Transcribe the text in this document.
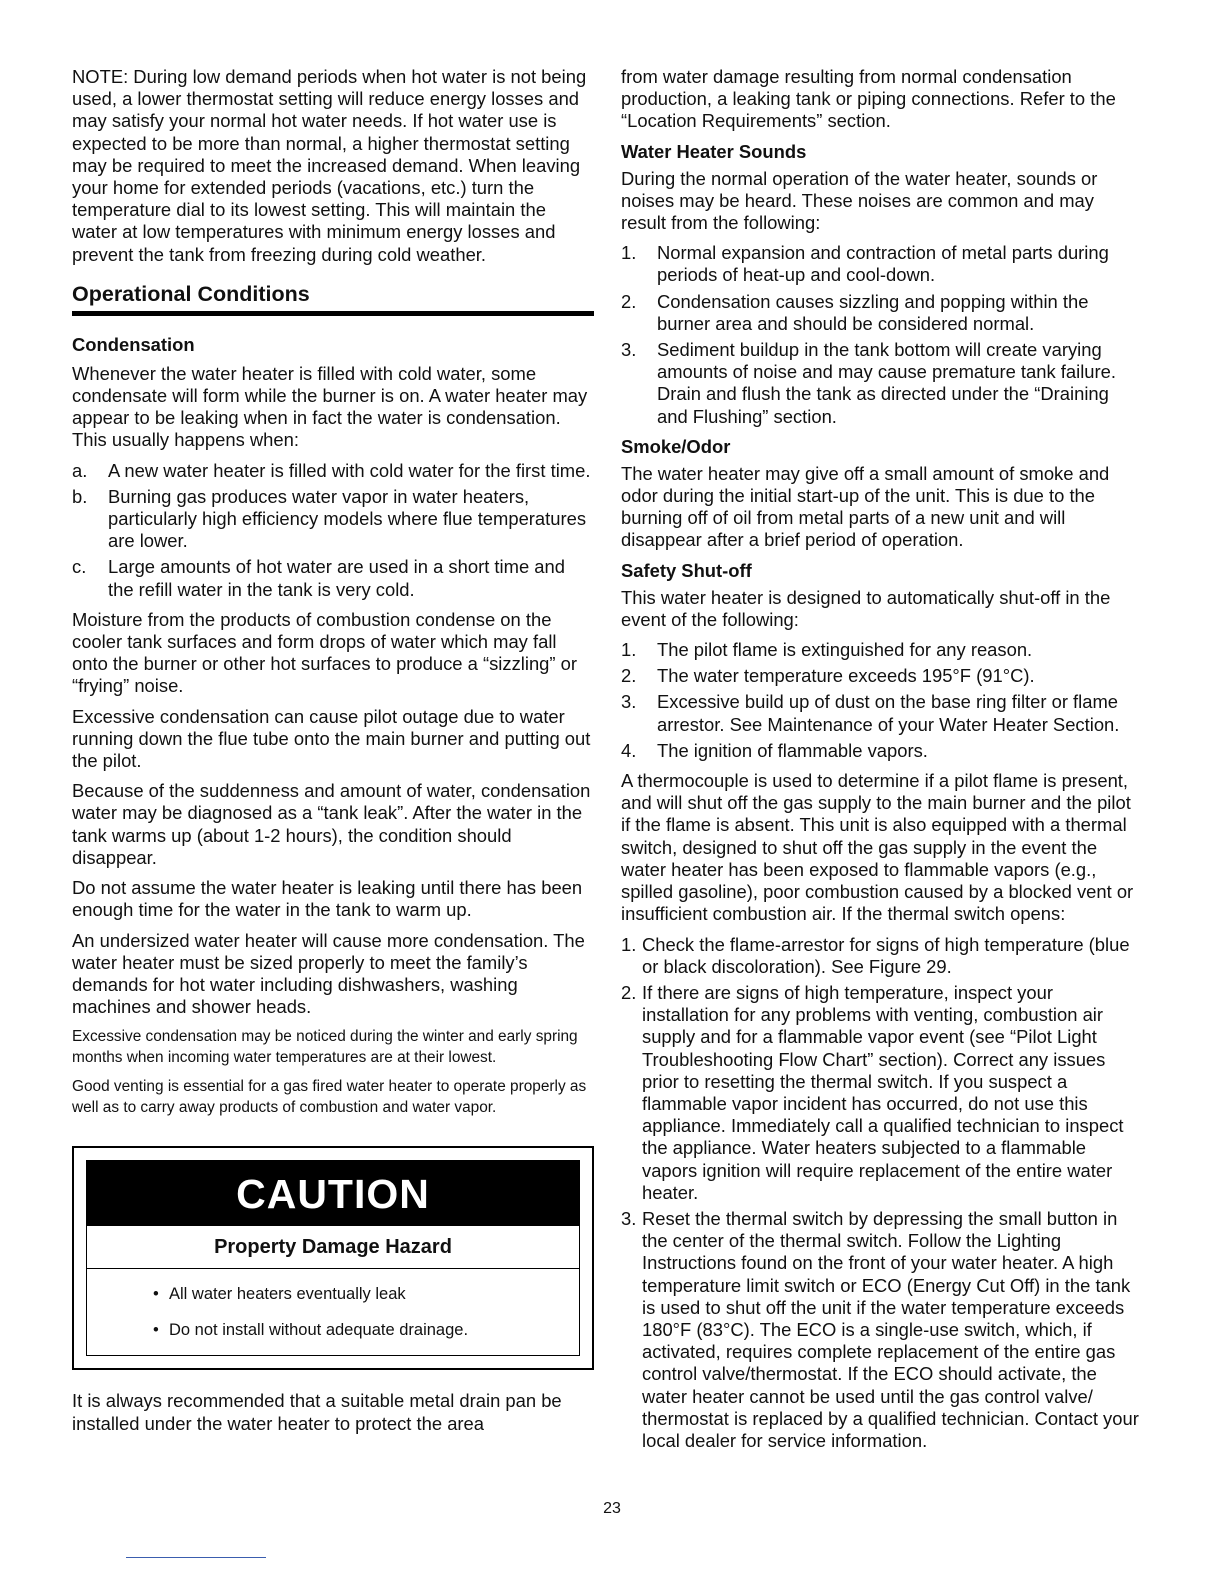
NOTE: During low demand periods when hot water is not being used, a lower thermostat setting will reduce energy losses and may satisfy your normal hot water needs. If hot water use is expected to be more than normal, a higher thermostat setting may be required to meet the increased demand. When leaving your home for extended periods (vacations, etc.) turn the temperature dial to its lowest setting. This will maintain the water at low temperatures with minimum energy losses and prevent the tank from freezing during cold weather.

Operational Conditions
Condensation

Whenever the water heater is filled with cold water, some condensate will form while the burner is on. A water heater may appear to be leaking when in fact the water is condensation. This usually happens when:

a.	A new water heater is filled with cold water for the first time.
b.	Burning gas produces water vapor in water heaters, particularly high efficiency models where flue temperatures are lower.
c.	Large amounts of hot water are used in a short time and the refill water in the tank is very cold.

Moisture from the products of combustion condense on the cooler tank surfaces and form drops of water which may fall onto the burner or other hot surfaces to produce a “sizzling” or “frying” noise.

Excessive condensation can cause pilot outage due to water running down the flue tube onto the main burner and putting out the pilot.

Because of the suddenness and amount of water, condensation water may be diagnosed as a “tank leak”. After the water in the tank warms up (about 1-2 hours), the condition should disappear.

Do not assume the water heater is leaking until there has been enough time for the water in the tank to warm up.

An undersized water heater will cause more condensation. The water heater must be sized properly to meet the family’s demands for hot water including dishwashers, washing machines and shower heads.

Excessive condensation may be noticed during the winter and early spring months when incoming water temperatures are at their lowest.

Good venting is essential for a gas fired water heater to operate properly as well as to carry away products of combustion and water vapor.

CAUTION
Property Damage Hazard
• All water heaters eventually leak
• Do not install without adequate drainage.

It is always recommended that a suitable metal drain pan be installed under the water heater to protect the area

from water damage resulting from normal condensation production, a leaking tank or piping connections. Refer to the “Location Requirements” section.

Water Heater Sounds

During the normal operation of the water heater, sounds or noises may be heard. These noises are common and may result from the following:

1.	Normal expansion and contraction of metal parts during periods of heat-up and cool-down.
2.	Condensation causes sizzling and popping within the burner area and should be considered normal.
3.	Sediment buildup in the tank bottom will create varying amounts of noise and may cause premature tank failure. Drain and flush the tank as directed under the “Draining and Flushing” section.
Smoke/Odor

The water heater may give off a small amount of smoke and odor during the initial start-up of the unit. This is due to the burning off of oil from metal parts of a new unit and will disappear after a brief period of operation.

Safety Shut-off

This water heater is designed to automatically shut-off in the event of the following:

1.	The pilot flame is extinguished for any reason.
2.	The water temperature exceeds 195°F (91°C).
3.	Excessive build up of dust on the base ring filter or flame arrestor. See Maintenance of your Water Heater Section.
4.	The ignition of flammable vapors.

A thermocouple is used to determine if a pilot flame is present, and will shut off the gas supply to the main burner and the pilot if the flame is absent. This unit is also equipped with a thermal switch, designed to shut off the gas supply in the event the water heater has been exposed to flammable vapors (e.g., spilled gasoline), poor combustion caused by a blocked vent or insufficient combustion air. If the thermal switch opens:

1. Check the flame-arrestor for signs of high temperature (blue or black discoloration). See Figure 29.
2. If there are signs of high temperature, inspect your installation for any problems with venting, combustion air supply and for a flammable vapor event (see “Pilot Light Troubleshooting Flow Chart” section). Correct any issues prior to resetting the thermal switch. If you suspect a flammable vapor incident has occurred, do not use this appliance. Immediately call a qualified technician to inspect the appliance. Water heaters subjected to a flammable vapors ignition will require replacement of the entire water heater.
3. Reset the thermal switch by depressing the small button in the center of the thermal switch. Follow the Lighting Instructions found on the front of your water heater. A high temperature limit switch or ECO (Energy Cut Off) in the tank is used to shut off the unit if the water temperature exceeds 180°F (83°C). The ECO is a single-use switch, which, if activated, requires complete replacement of the entire gas control valve/thermostat. If the ECO should activate, the water heater cannot be used until the gas control valve/ thermostat is replaced by a qualified technician. Contact your local dealer for service information.
23
